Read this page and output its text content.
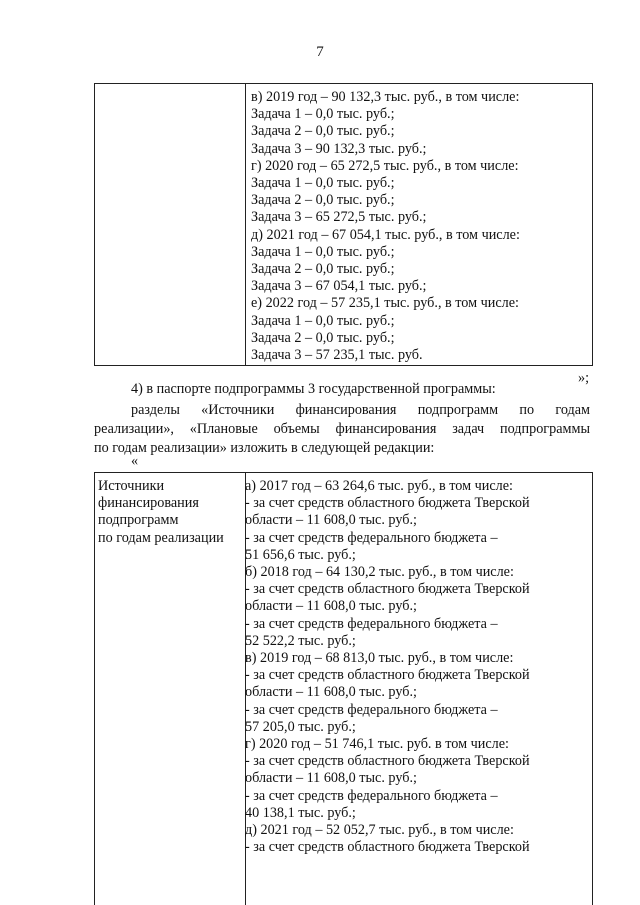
7
в) 2019 год – 90 132,3 тыс. руб., в том числе:
Задача 1 – 0,0 тыс. руб.;
Задача 2 – 0,0 тыс. руб.;
Задача 3 – 90 132,3 тыс. руб.;
г) 2020 год – 65 272,5 тыс. руб., в том числе:
Задача 1 – 0,0 тыс. руб.;
Задача 2 – 0,0 тыс. руб.;
Задача 3 – 65 272,5 тыс. руб.;
д) 2021 год – 67 054,1 тыс. руб., в том числе:
Задача 1 – 0,0 тыс. руб.;
Задача 2 – 0,0 тыс. руб.;
Задача 3 – 67 054,1 тыс. руб.;
е) 2022 год – 57 235,1 тыс. руб., в том числе:
Задача 1 – 0,0 тыс. руб.;
Задача 2 – 0,0 тыс. руб.;
Задача 3 – 57 235,1 тыс. руб.
»;
4) в паспорте подпрограммы 3 государственной программы:
разделы «Источники финансирования подпрограмм по годам
реализации», «Плановые объемы финансирования задач подпрограммы
по годам реализации» изложить в следующей редакции:
«
Источники
финансирования
подпрограмм
по годам реализации
а) 2017 год – 63 264,6 тыс. руб., в том числе:
- за счет средств областного бюджета Тверской
области – 11 608,0 тыс. руб.;
- за счет средств федерального бюджета –
51 656,6 тыс. руб.;
б) 2018 год – 64 130,2 тыс. руб., в том числе:
- за счет средств областного бюджета Тверской
области – 11 608,0 тыс. руб.;
- за счет средств федерального бюджета –
52 522,2 тыс. руб.;
в) 2019 год – 68 813,0 тыс. руб., в том числе:
- за счет средств областного бюджета Тверской
области – 11 608,0 тыс. руб.;
- за счет средств федерального бюджета –
57 205,0 тыс. руб.;
г) 2020 год – 51 746,1 тыс. руб. в том числе:
- за счет средств областного бюджета Тверской
области – 11 608,0 тыс. руб.;
- за счет средств федерального бюджета –
40 138,1 тыс. руб.;
д) 2021 год – 52 052,7 тыс. руб., в том числе:
- за счет средств областного бюджета Тверской
